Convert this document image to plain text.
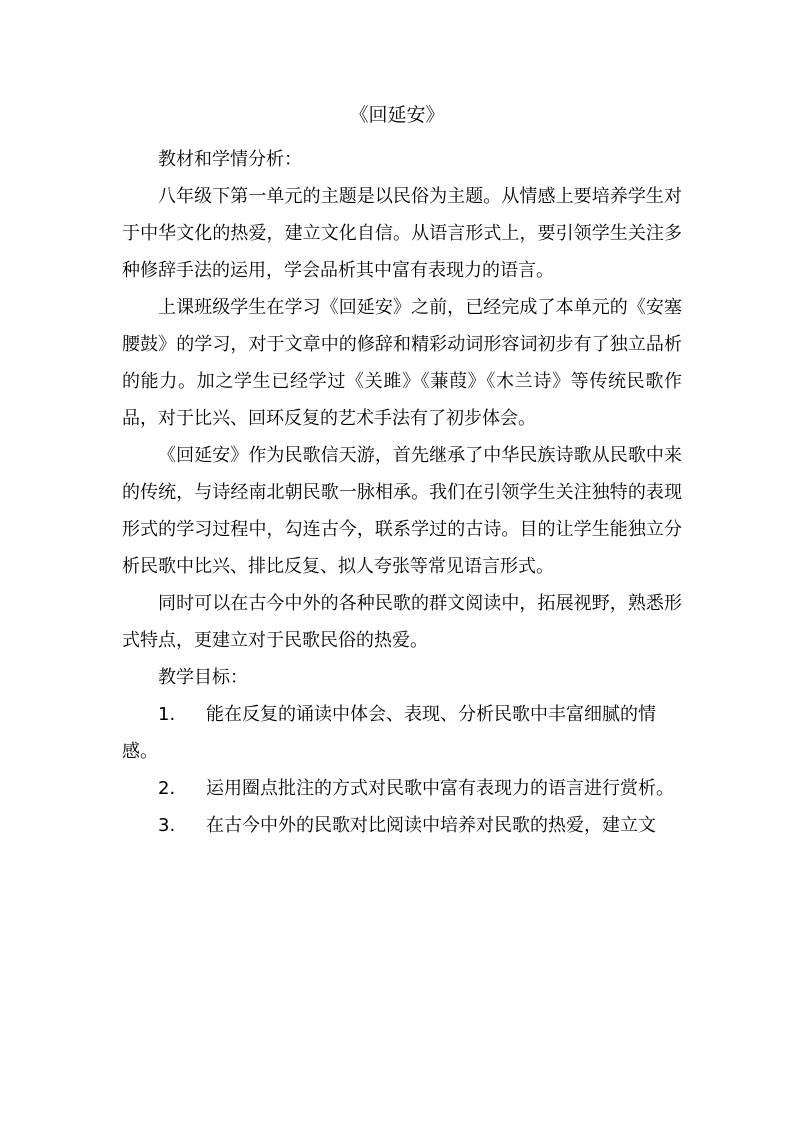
《回延安》

教材和学情分析：

八年级下第一单元的主题是以民俗为主题。从情感上要培养学生对于中华文化的热爱，建立文化自信。从语言形式上，要引领学生关注多种修辞手法的运用，学会品析其中富有表现力的语言。

上课班级学生在学习《回延安》之前，已经完成了本单元的《安塞腰鼓》的学习，对于文章中的修辞和精彩动词形容词初步有了独立品析的能力。加之学生已经学过《关雎》《蒹葭》《木兰诗》等传统民歌作品，对于比兴、回环反复的艺术手法有了初步体会。

《回延安》作为民歌信天游，首先继承了中华民族诗歌从民歌中来的传统，与诗经南北朝民歌一脉相承。我们在引领学生关注独特的表现形式的学习过程中，勾连古今，联系学过的古诗。目的让学生能独立分析民歌中比兴、排比反复、拟人夸张等常见语言形式。

同时可以在古今中外的各种民歌的群文阅读中，拓展视野，熟悉形式特点，更建立对于民歌民俗的热爱。

教学目标：

1. 能在反复的诵读中体会、表现、分析民歌中丰富细腻的情感。
2. 运用圈点批注的方式对民歌中富有表现力的语言进行赏析。
3. 在古今中外的民歌对比阅读中培养对民歌的热爱，建立文
